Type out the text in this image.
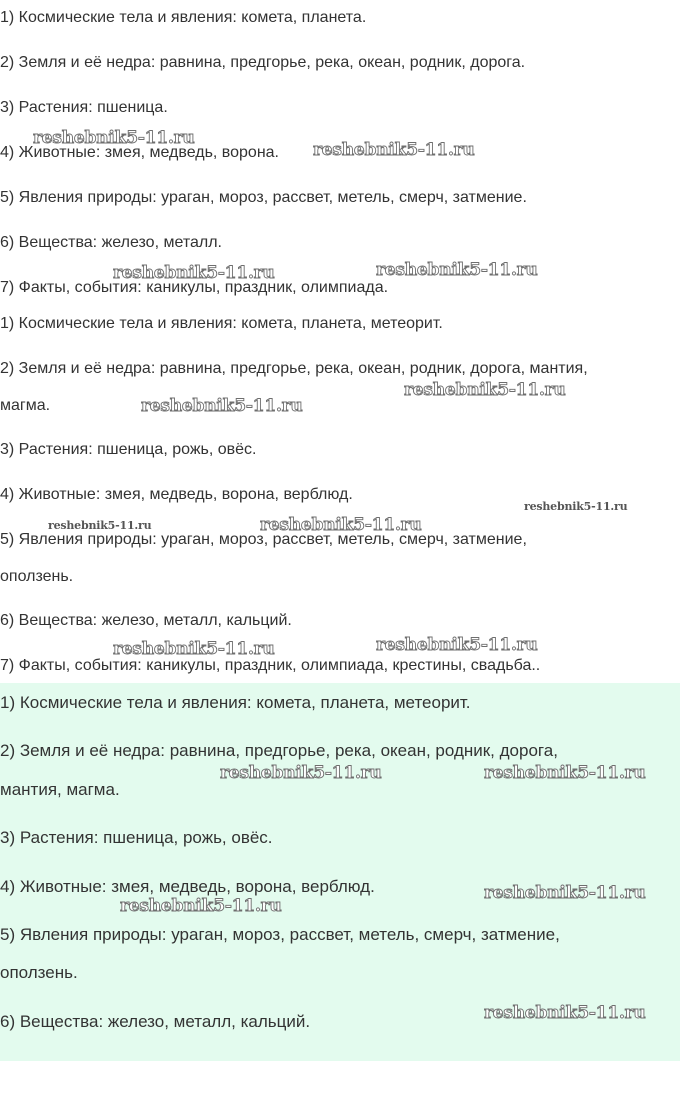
1) Космические тела и явления: комета, планета.
2) Земля и её недра: равнина, предгорье, река, океан, родник, дорога.
3) Растения: пшеница.
4) Животные: змея, медведь, ворона.
5) Явления природы: ураган, мороз, рассвет, метель, смерч, затмение.
6) Вещества: железо, металл.
7) Факты, события: каникулы, праздник, олимпиада.
1) Космические тела и явления: комета, планета, метеорит.
2) Земля и её недра: равнина, предгорье, река, океан, родник, дорога, мантия,
магма.
3) Растения: пшеница, рожь, овёс.
4) Животные: змея, медведь, ворона, верблюд.
5) Явления природы: ураган, мороз, рассвет, метель, смерч, затмение,
оползень.
6) Вещества: железо, металл, кальций.
7) Факты, события: каникулы, праздник, олимпиада, крестины, свадьба..
1) Космические тела и явления: комета, планета, метеорит.
2) Земля и её недра: равнина, предгорье, река, океан, родник, дорога,
мантия, магма.
3) Растения: пшеница, рожь, овёс.
4) Животные: змея, медведь, ворона, верблюд.
5) Явления природы: ураган, мороз, рассвет, метель, смерч, затмение,
оползень.
6) Вещества: железо, металл, кальций.
reshebnik5-11.ru
reshebnik5-11.ru
reshebnik5-11.ru	reshebnik5-11.ru
reshebnik5-11.ru
reshebnik5-11.ru
reshebnik5-11.ru
reshebnik5-11.ru	reshebnik5-11.ru
reshebnik5-11.ru	reshebnik5-11.ru
reshebnik5-11.ru	reshebnik5-11.ru
reshebnik5-11.ru
reshebnik5-11.ru
reshebnik5-11.ru
